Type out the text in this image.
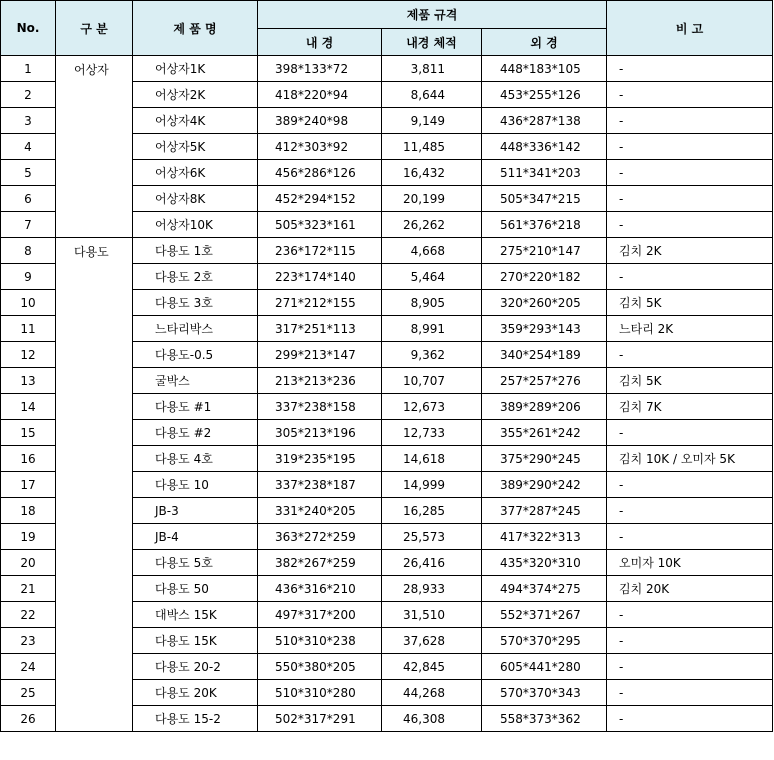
No.	구 분	제 품 명	제품 규격			비 고
			내 경	내경 체적	외 경	
1	어상자	어상자1K	398*133*72	3,811	448*183*105	-
2		어상자2K	418*220*94	8,644	453*255*126	-
3		어상자4K	389*240*98	9,149	436*287*138	-
4		어상자5K	412*303*92	11,485	448*336*142	-
5		어상자6K	456*286*126	16,432	511*341*203	-
6		어상자8K	452*294*152	20,199	505*347*215	-
7		어상자10K	505*323*161	26,262	561*376*218	-
8	다용도	다용도 1호	236*172*115	4,668	275*210*147	김치 2K
9		다용도 2호	223*174*140	5,464	270*220*182	-
10		다용도 3호	271*212*155	8,905	320*260*205	김치 5K
11		느타리박스	317*251*113	8,991	359*293*143	느타리 2K
12		다용도-0.5	299*213*147	9,362	340*254*189	-
13		굴박스	213*213*236	10,707	257*257*276	김치 5K
14		다용도 #1	337*238*158	12,673	389*289*206	김치 7K
15		다용도 #2	305*213*196	12,733	355*261*242	-
16		다용도 4호	319*235*195	14,618	375*290*245	김치 10K / 오미자 5K
17		다용도 10	337*238*187	14,999	389*290*242	-
18		JB-3	331*240*205	16,285	377*287*245	-
19		JB-4	363*272*259	25,573	417*322*313	-
20		다용도 5호	382*267*259	26,416	435*320*310	오미자 10K
21		다용도 50	436*316*210	28,933	494*374*275	김치 20K
22		대박스 15K	497*317*200	31,510	552*371*267	-
23		다용도 15K	510*310*238	37,628	570*370*295	-
24		다용도 20-2	550*380*205	42,845	605*441*280	-
25		다용도 20K	510*310*280	44,268	570*370*343	-
26		다용도 15-2	502*317*291	46,308	558*373*362	-
